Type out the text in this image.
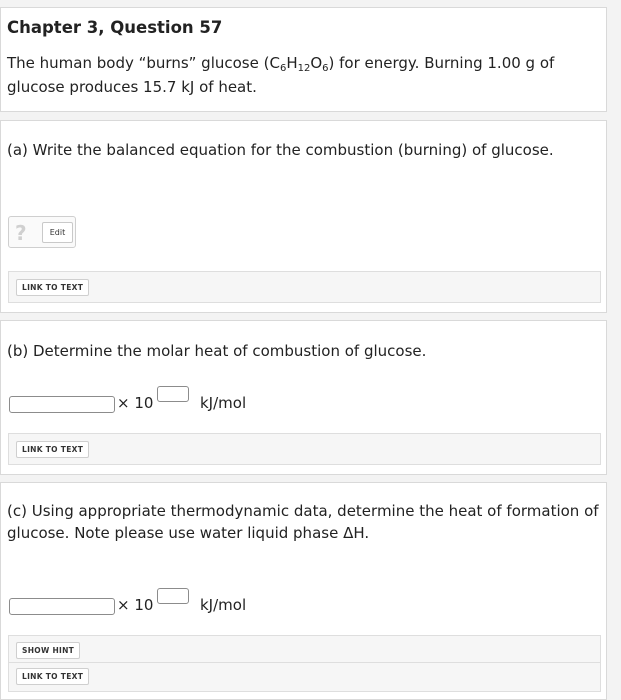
Chapter 3, Question 57
The human body “burns” glucose $(C_6H_{12}O_6)$ for energy. Burning 1.00 g of glucose produces 15.7 kJ of heat.
(a) Write the balanced equation for the combustion (burning) of glucose.
?	Edit
LINK TO TEXT
(b) Determine the molar heat of combustion of glucose.
× 10	kJ/mol
LINK TO TEXT
(c) Using appropriate thermodynamic data, determine the heat of formation of glucose. Note please use water liquid phase ΔH.
× 10	kJ/mol
SHOW HINT
LINK TO TEXT
